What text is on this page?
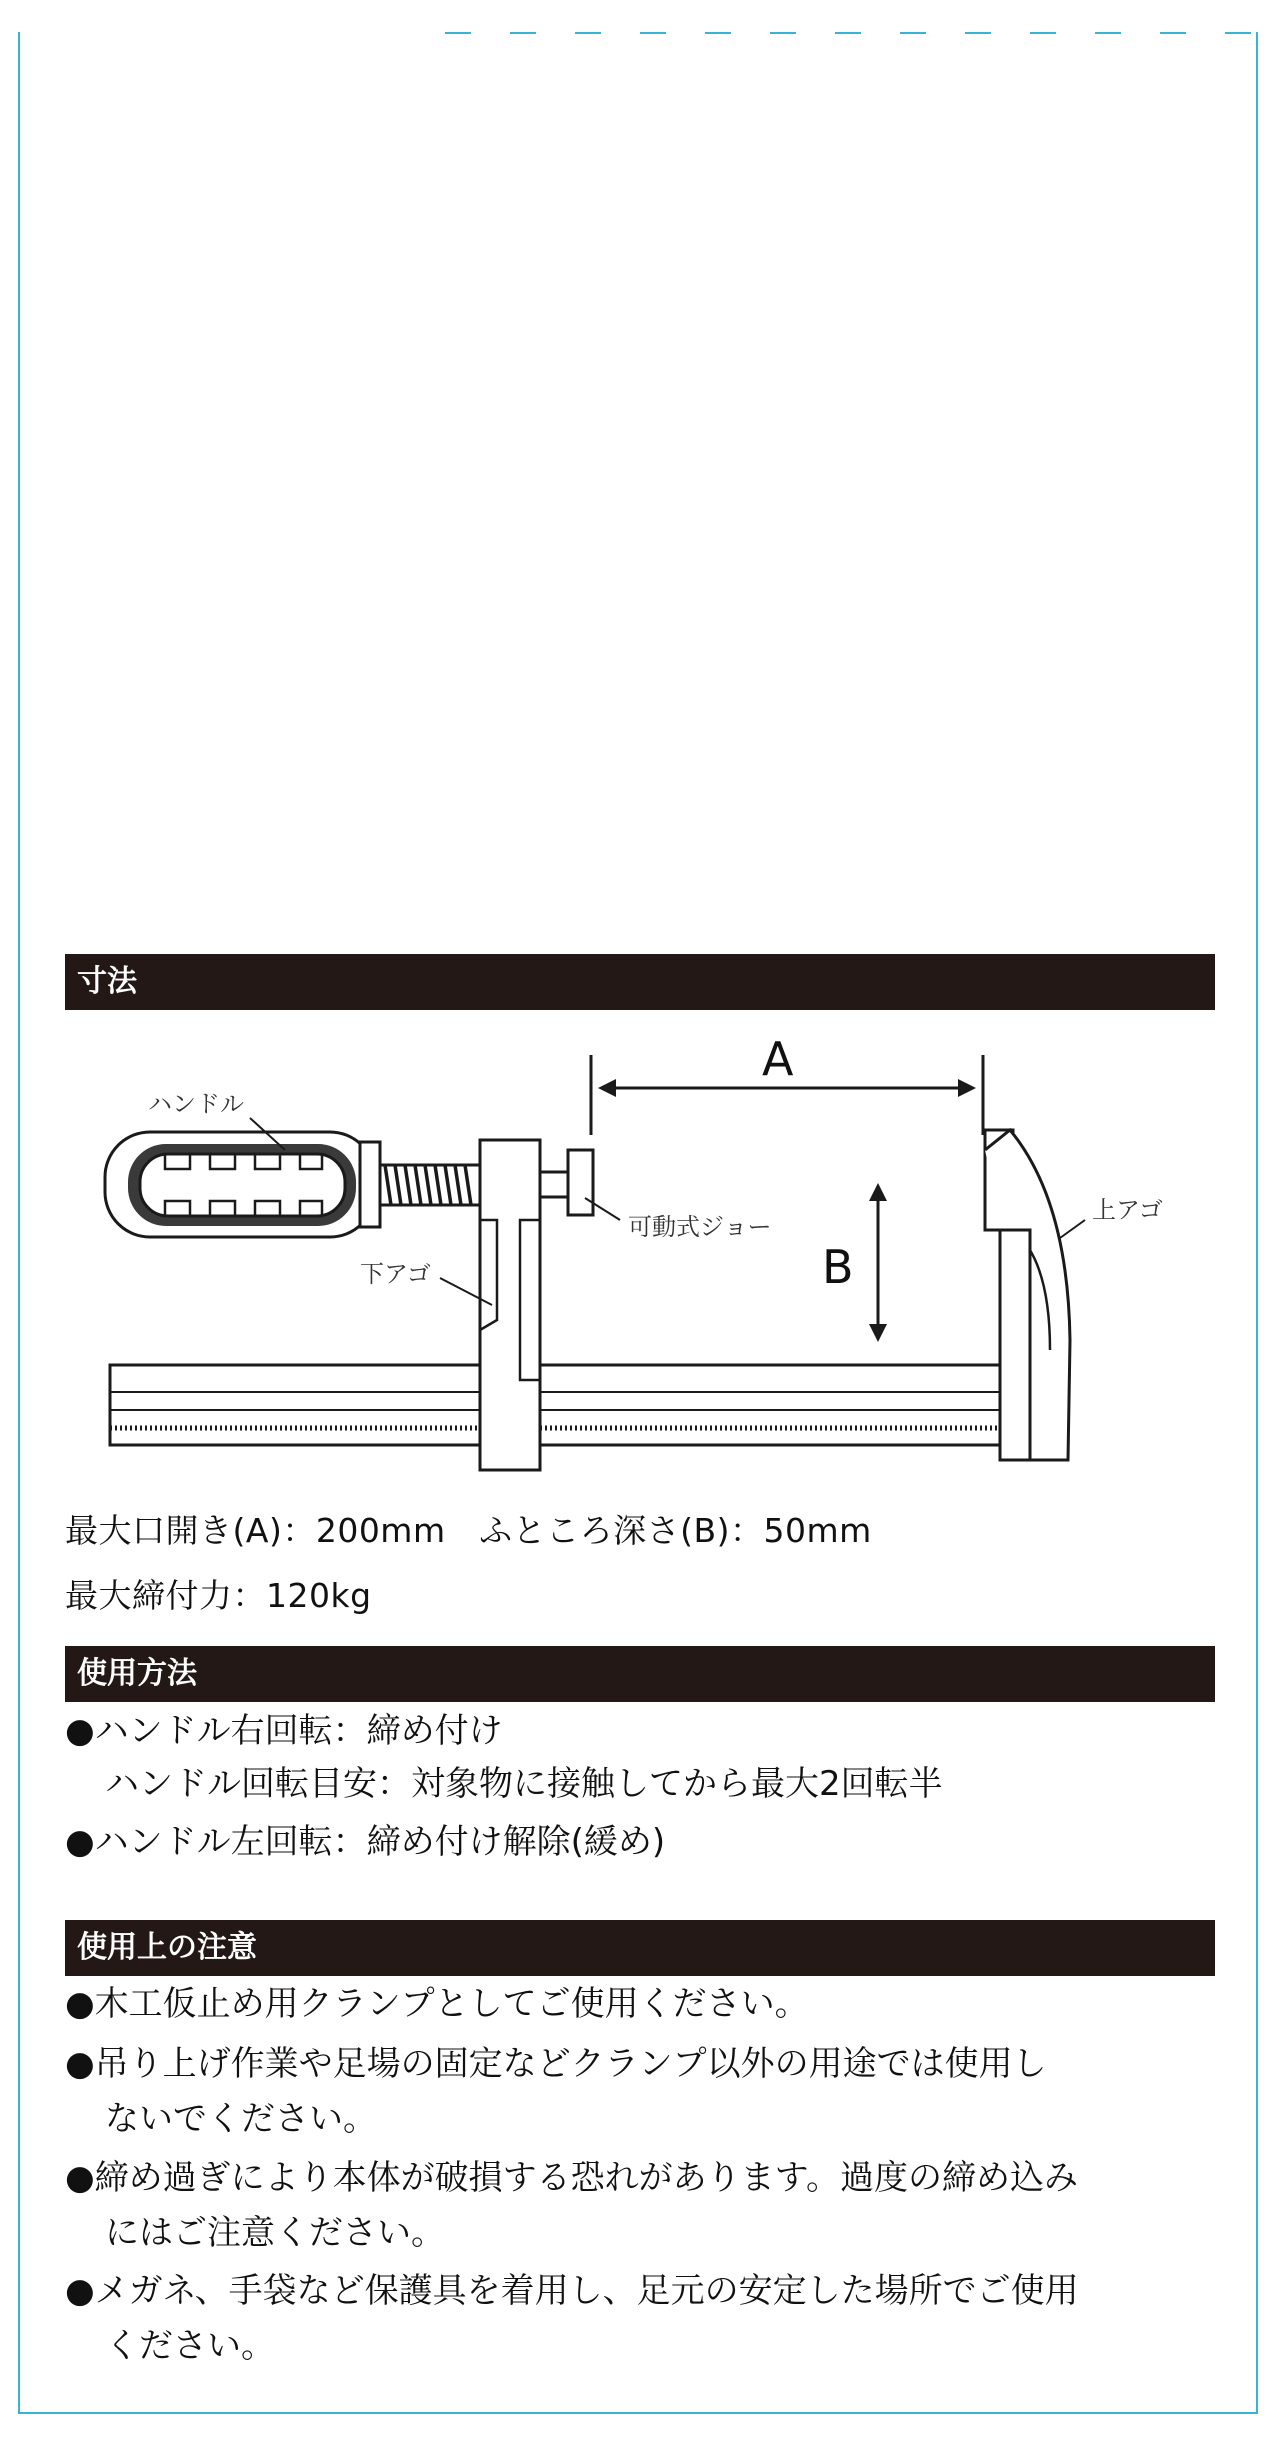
寸法
A
B
ハンドル
可動式ジョー
下アゴ
上アゴ
最大口開き(A)：200mm　ふところ深さ(B)：50mm
最大締付力：120kg
使用方法
●ハンドル右回転：締め付け
ハンドル回転目安：対象物に接触してから最大2回転半
●ハンドル左回転：締め付け解除(緩め)
使用上の注意
●木工仮止め用クランプとしてご使用ください。
●吊り上げ作業や足場の固定などクランプ以外の用途では使用し
ないでください。
●締め過ぎにより本体が破損する恐れがあります。過度の締め込み
にはご注意ください。
●メガネ、手袋など保護具を着用し、足元の安定した場所でご使用
ください。
